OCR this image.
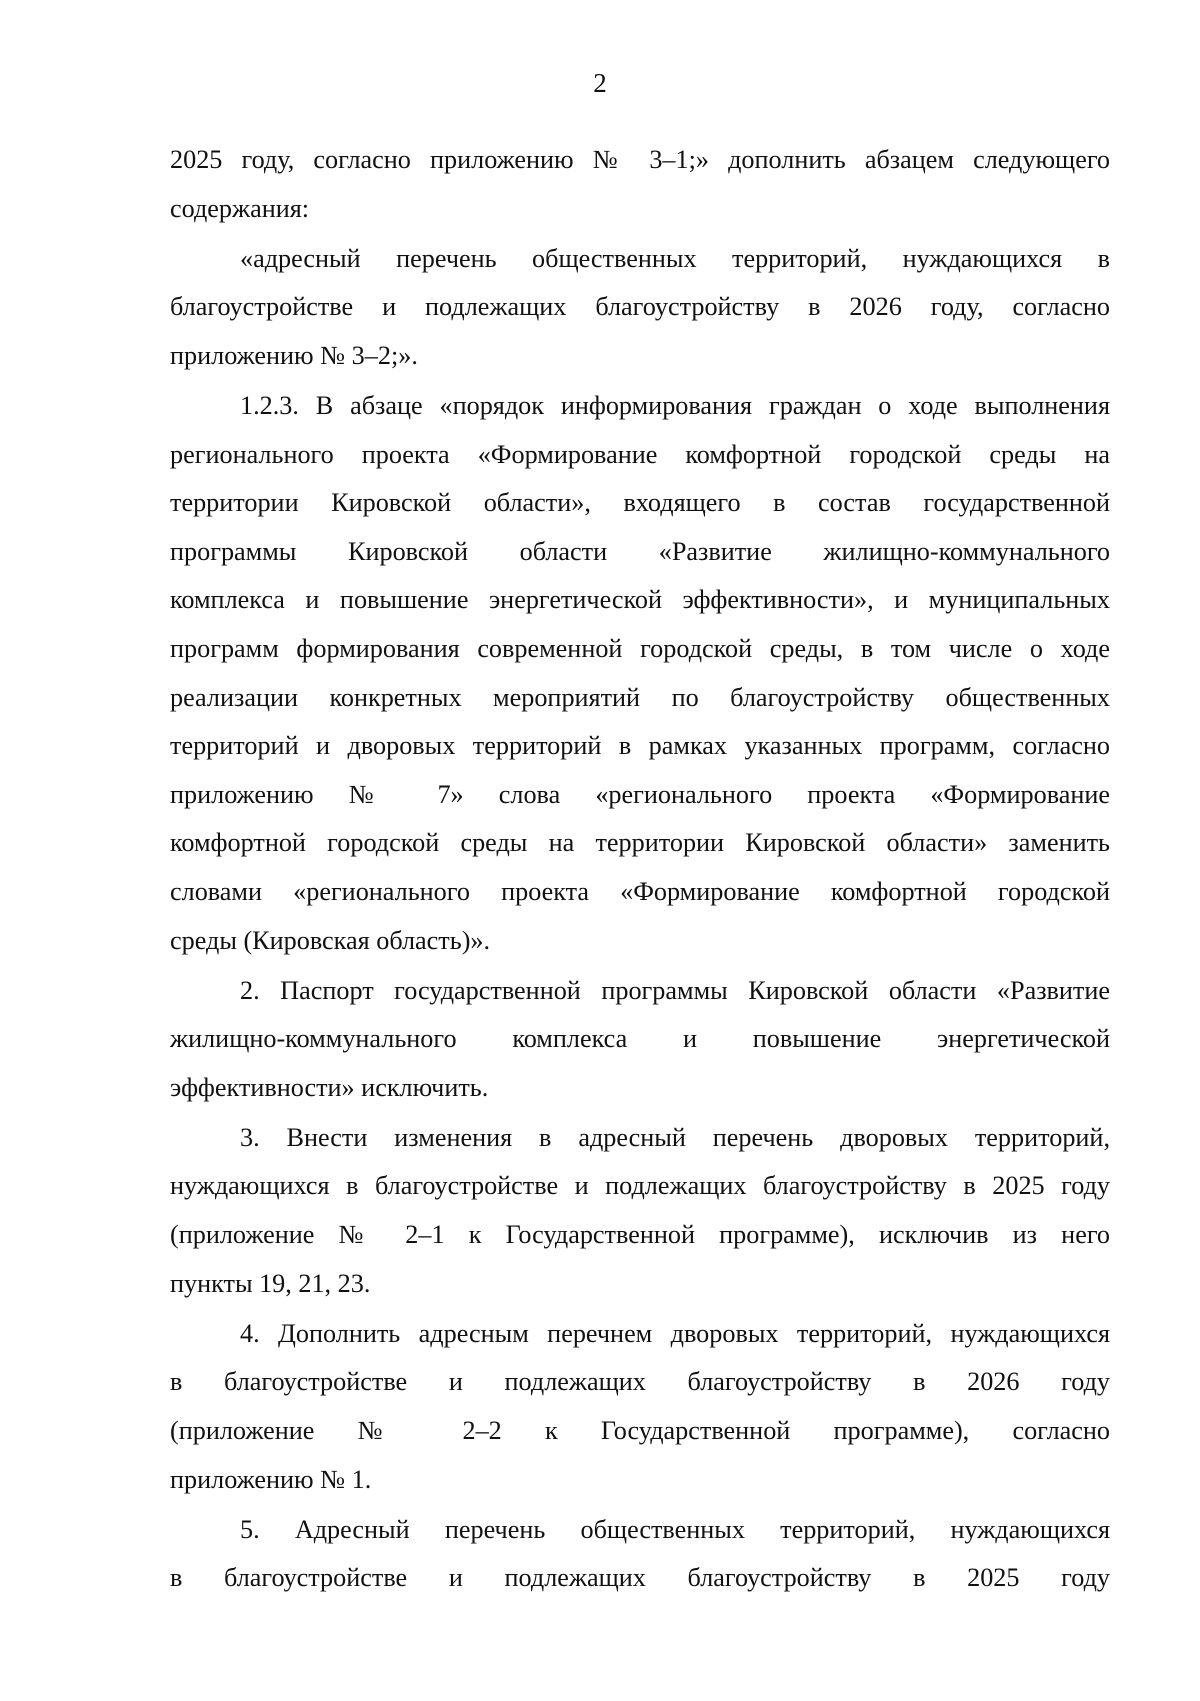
2
2025 году, согласно приложению № 3–1;» дополнить абзацем следующего
содержания:
«адресный перечень общественных территорий, нуждающихся в
благоустройстве и подлежащих благоустройству в 2026 году, согласно
приложению № 3–2;».
1.2.3. В абзаце «порядок информирования граждан о ходе выполнения
регионального проекта «Формирование комфортной городской среды на
территории Кировской области», входящего в состав государственной
программы Кировской области «Развитие жилищно-коммунального
комплекса и повышение энергетической эффективности», и муниципальных
программ формирования современной городской среды, в том числе о ходе
реализации конкретных мероприятий по благоустройству общественных
территорий и дворовых территорий в рамках указанных программ, согласно
приложению № 7» слова «регионального проекта «Формирование
комфортной городской среды на территории Кировской области» заменить
словами «регионального проекта «Формирование комфортной городской
среды (Кировская область)».
2. Паспорт государственной программы Кировской области «Развитие
жилищно-коммунального комплекса и повышение энергетической
эффективности» исключить.
3. Внести изменения в адресный перечень дворовых территорий,
нуждающихся в благоустройстве и подлежащих благоустройству в 2025 году
(приложение № 2–1 к Государственной программе), исключив из него
пункты 19, 21, 23.
4. Дополнить адресным перечнем дворовых территорий, нуждающихся
в благоустройстве и подлежащих благоустройству в 2026 году
(приложение № 2–2 к Государственной программе), согласно
приложению № 1.
5. Адресный перечень общественных территорий, нуждающихся
в благоустройстве и подлежащих благоустройству в 2025 году
